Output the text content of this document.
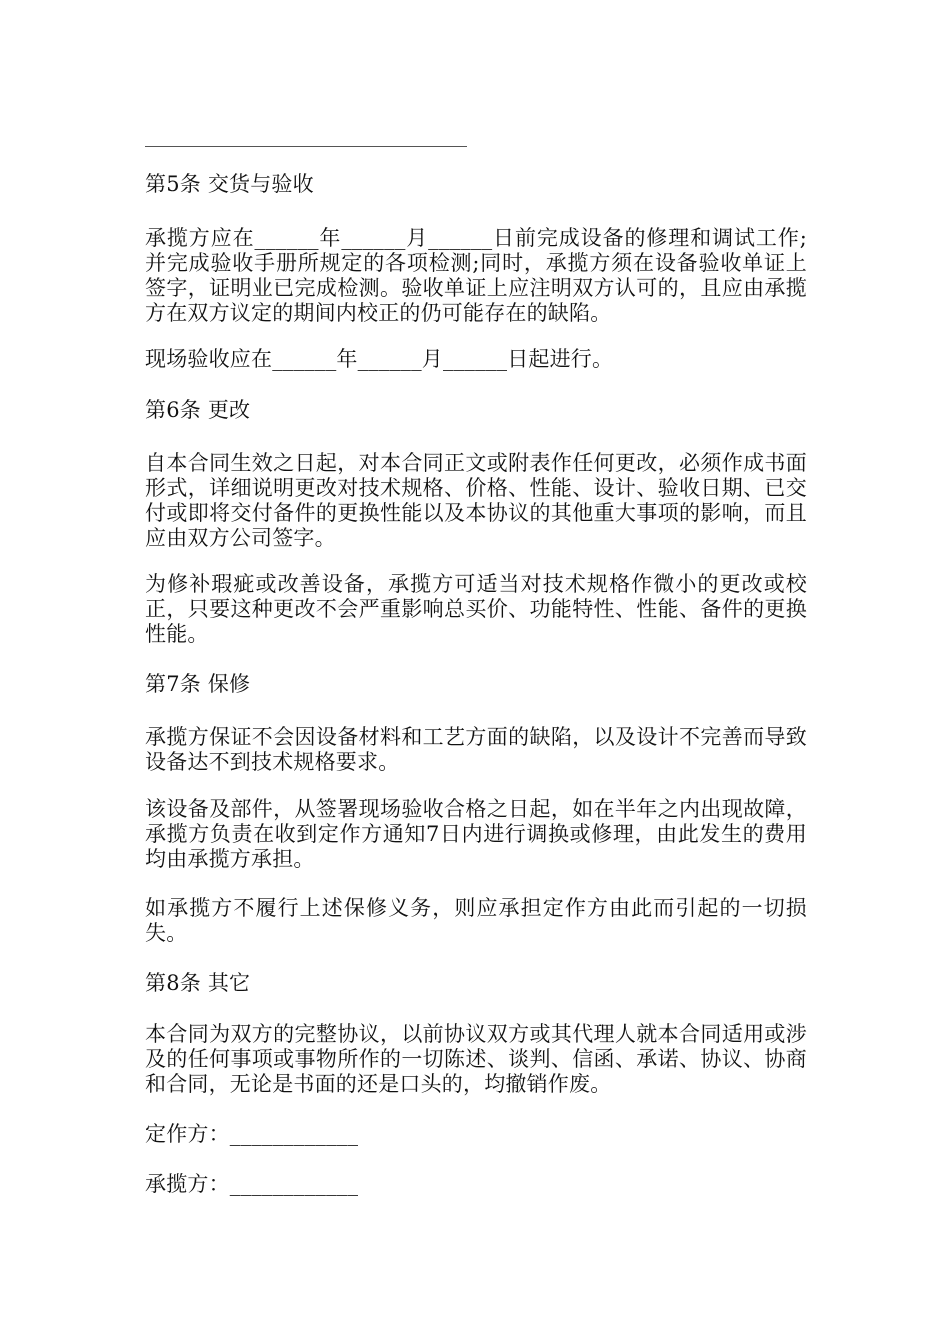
第5条 交货与验收

承揽方应在______年______月______日前完成设备的修理和调试工作;并完成验收手册所规定的各项检测;同时，承揽方须在设备验收单证上签字，证明业已完成检测。验收单证上应注明双方认可的，且应由承揽方在双方议定的期间内校正的仍可能存在的缺陷。

现场验收应在______年______月______日起进行。

第6条 更改

自本合同生效之日起，对本合同正文或附表作任何更改，必须作成书面形式，详细说明更改对技术规格、价格、性能、设计、验收日期、已交付或即将交付备件的更换性能以及本协议的其他重大事项的影响，而且应由双方公司签字。

为修补瑕疵或改善设备，承揽方可适当对技术规格作微小的更改或校正，只要这种更改不会严重影响总买价、功能特性、性能、备件的更换性能。

第7条 保修

承揽方保证不会因设备材料和工艺方面的缺陷，以及设计不完善而导致设备达不到技术规格要求。

该设备及部件，从签署现场验收合格之日起，如在半年之内出现故障，承揽方负责在收到定作方通知7日内进行调换或修理，由此发生的费用均由承揽方承担。

如承揽方不履行上述保修义务，则应承担定作方由此而引起的一切损失。

第8条 其它

本合同为双方的完整协议，以前协议双方或其代理人就本合同适用或涉及的任何事项或事物所作的一切陈述、谈判、信函、承诺、协议、协商和合同，无论是书面的还是口头的，均撤销作废。

定作方：____________

承揽方：____________
